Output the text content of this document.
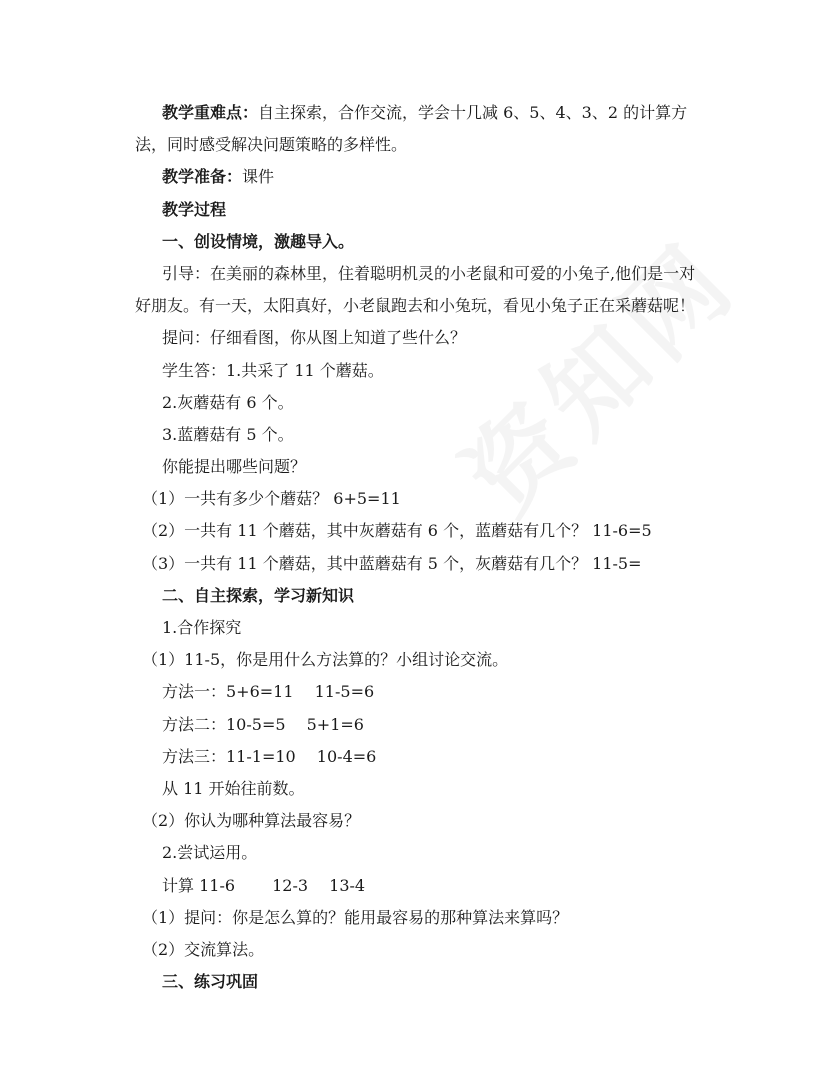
教学重难点：自主探索，合作交流，学会十几减 6、5、4、3、2 的计算方
法，同时感受解决问题策略的多样性。
教学准备：课件
教学过程
一、创设情境，激趣导入。
引导：在美丽的森林里，住着聪明机灵的小老鼠和可爱的小兔子,他们是一对
好朋友。有一天，太阳真好，小老鼠跑去和小兔玩，看见小兔子正在采蘑菇呢！
提问：仔细看图，你从图上知道了些什么？
学生答：1.共采了 11 个蘑菇。
2.灰蘑菇有 6 个。
3.蓝蘑菇有 5 个。
你能提出哪些问题？
（1）一共有多少个蘑菇？ 6+5=11
（2）一共有 11 个蘑菇，其中灰蘑菇有 6 个，蓝蘑菇有几个？ 11-6=5
（3）一共有 11 个蘑菇，其中蓝蘑菇有 5 个，灰蘑菇有几个？ 11-5=
二、自主探索，学习新知识
1.合作探究
（1）11-5，你是用什么方法算的？小组讨论交流。
方法一：5+6=11　 11-5=6
方法二：10-5=5　 5+1=6
方法三：11-1=10　 10-4=6
从 11 开始往前数。
（2）你认为哪种算法最容易？
2.尝试运用。
计算 11-6　　 12-3　 13-4
（1）提问：你是怎么算的？能用最容易的那种算法来算吗？
（2）交流算法。
三、练习巩固
